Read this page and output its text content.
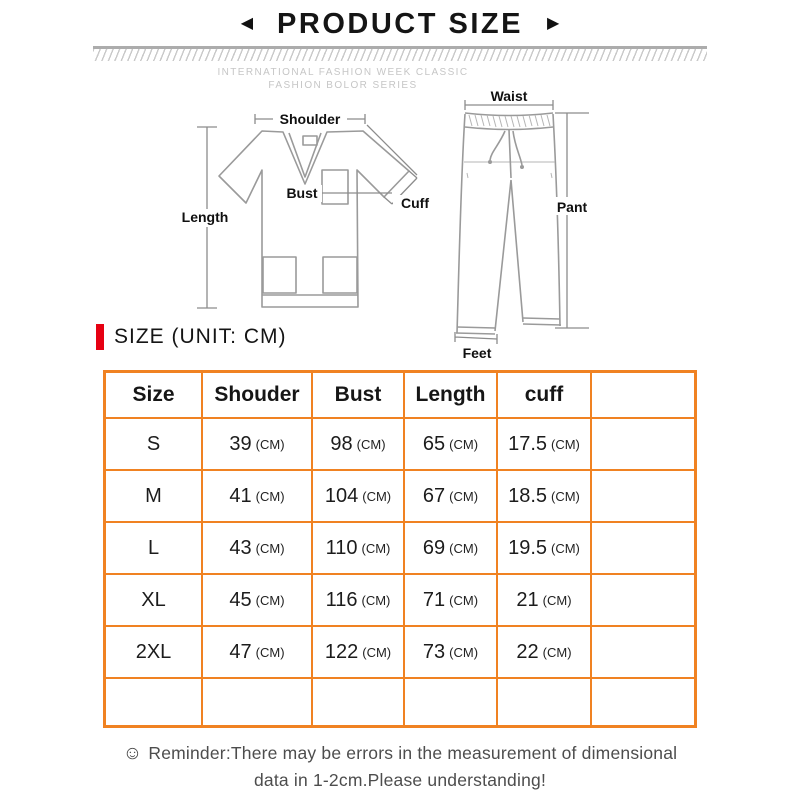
◀ PRODUCT SIZE ▶
INTERNATIONAL FASHION WEEK CLASSIC
FASHION BOLOR SERIES
Shoulder
Bust
Length
Cuff
Waist
Pant
Feet
SIZE (UNIT: CM)
Size	Shouder	Bust	Length	cuff
S	39 (CM) 98 (CM) 65 (CM) 17.5 (CM)
M	41 (CM) 104 (CM) 67 (CM) 18.5 (CM)
L	43 (CM) 110 (CM) 69 (CM) 19.5 (CM)
XL	45 (CM) 116 (CM) 71 (CM) 21 (CM)
2XL	47 (CM) 122 (CM) 73 (CM) 22 (CM)
☺ Reminder:There may be errors in the measurement of dimensional
data in 1-2cm.Please understanding!
